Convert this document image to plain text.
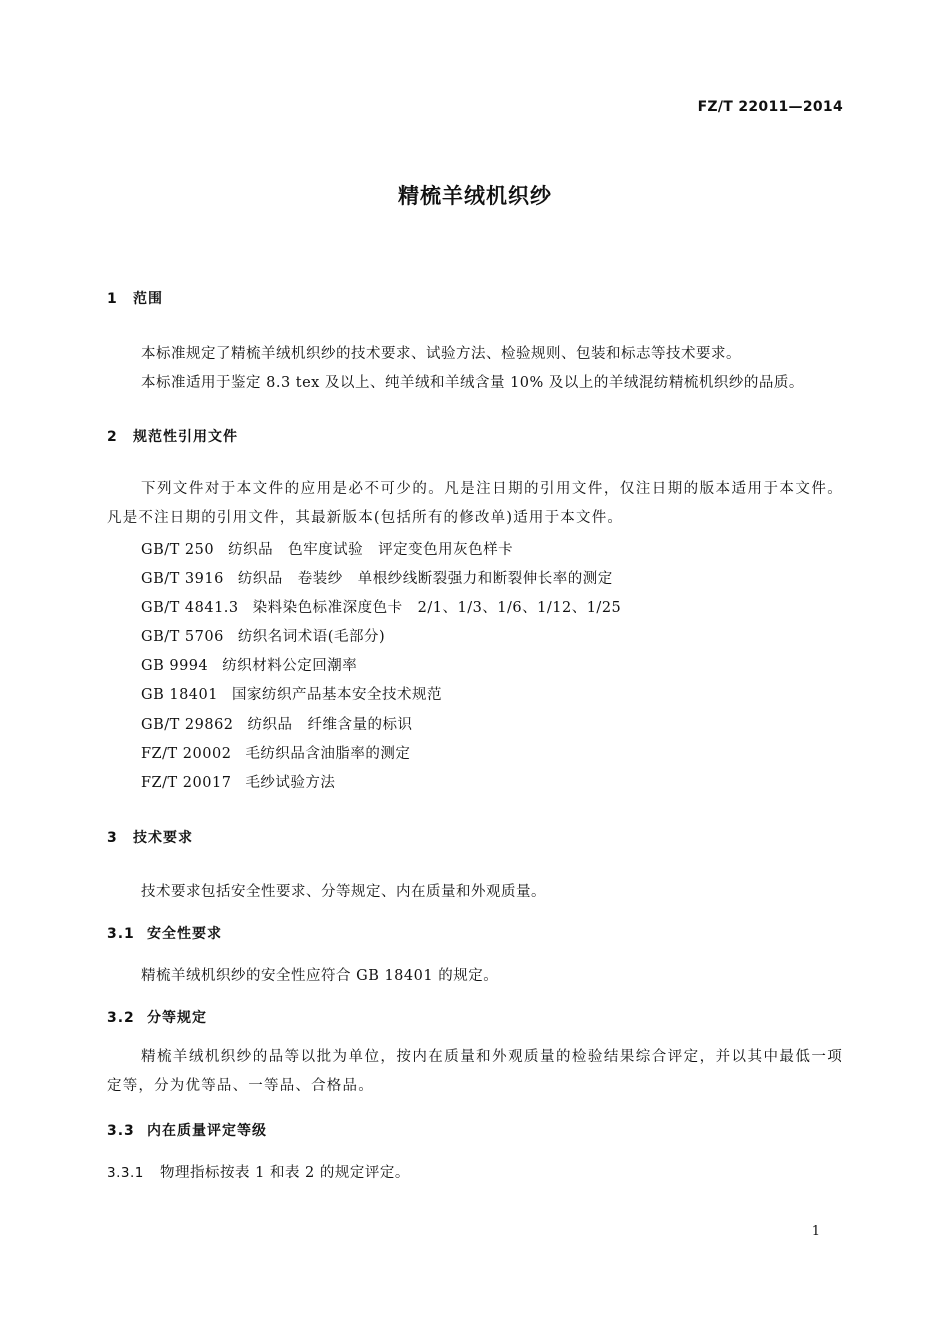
FZ/T 22011—2014
精梳羊绒机织纱
1 范围
本标准规定了精梳羊绒机织纱的技术要求、试验方法、检验规则、包装和标志等技术要求。
本标准适用于鉴定 8.3 tex 及以上、纯羊绒和羊绒含量 10% 及以上的羊绒混纺精梳机织纱的品质。
2 规范性引用文件
下列文件对于本文件的应用是必不可少的。凡是注日期的引用文件，仅注日期的版本适用于本文件。凡是不注日期的引用文件，其最新版本(包括所有的修改单)适用于本文件。
GB/T 250 纺织品　色牢度试验　评定变色用灰色样卡
GB/T 3916 纺织品　卷装纱　单根纱线断裂强力和断裂伸长率的测定
GB/T 4841.3 染料染色标准深度色卡　2/1、1/3、1/6、1/12、1/25
GB/T 5706 纺织名词术语(毛部分)
GB 9994 纺织材料公定回潮率
GB 18401 国家纺织产品基本安全技术规范
GB/T 29862 纺织品　纤维含量的标识
FZ/T 20002 毛纺织品含油脂率的测定
FZ/T 20017 毛纱试验方法
3 技术要求
技术要求包括安全性要求、分等规定、内在质量和外观质量。
3.1 安全性要求
精梳羊绒机织纱的安全性应符合 GB 18401 的规定。
3.2 分等规定
精梳羊绒机织纱的品等以批为单位，按内在质量和外观质量的检验结果综合评定，并以其中最低一项定等，分为优等品、一等品、合格品。
3.3 内在质量评定等级
3.3.1 物理指标按表 1 和表 2 的规定评定。
1
